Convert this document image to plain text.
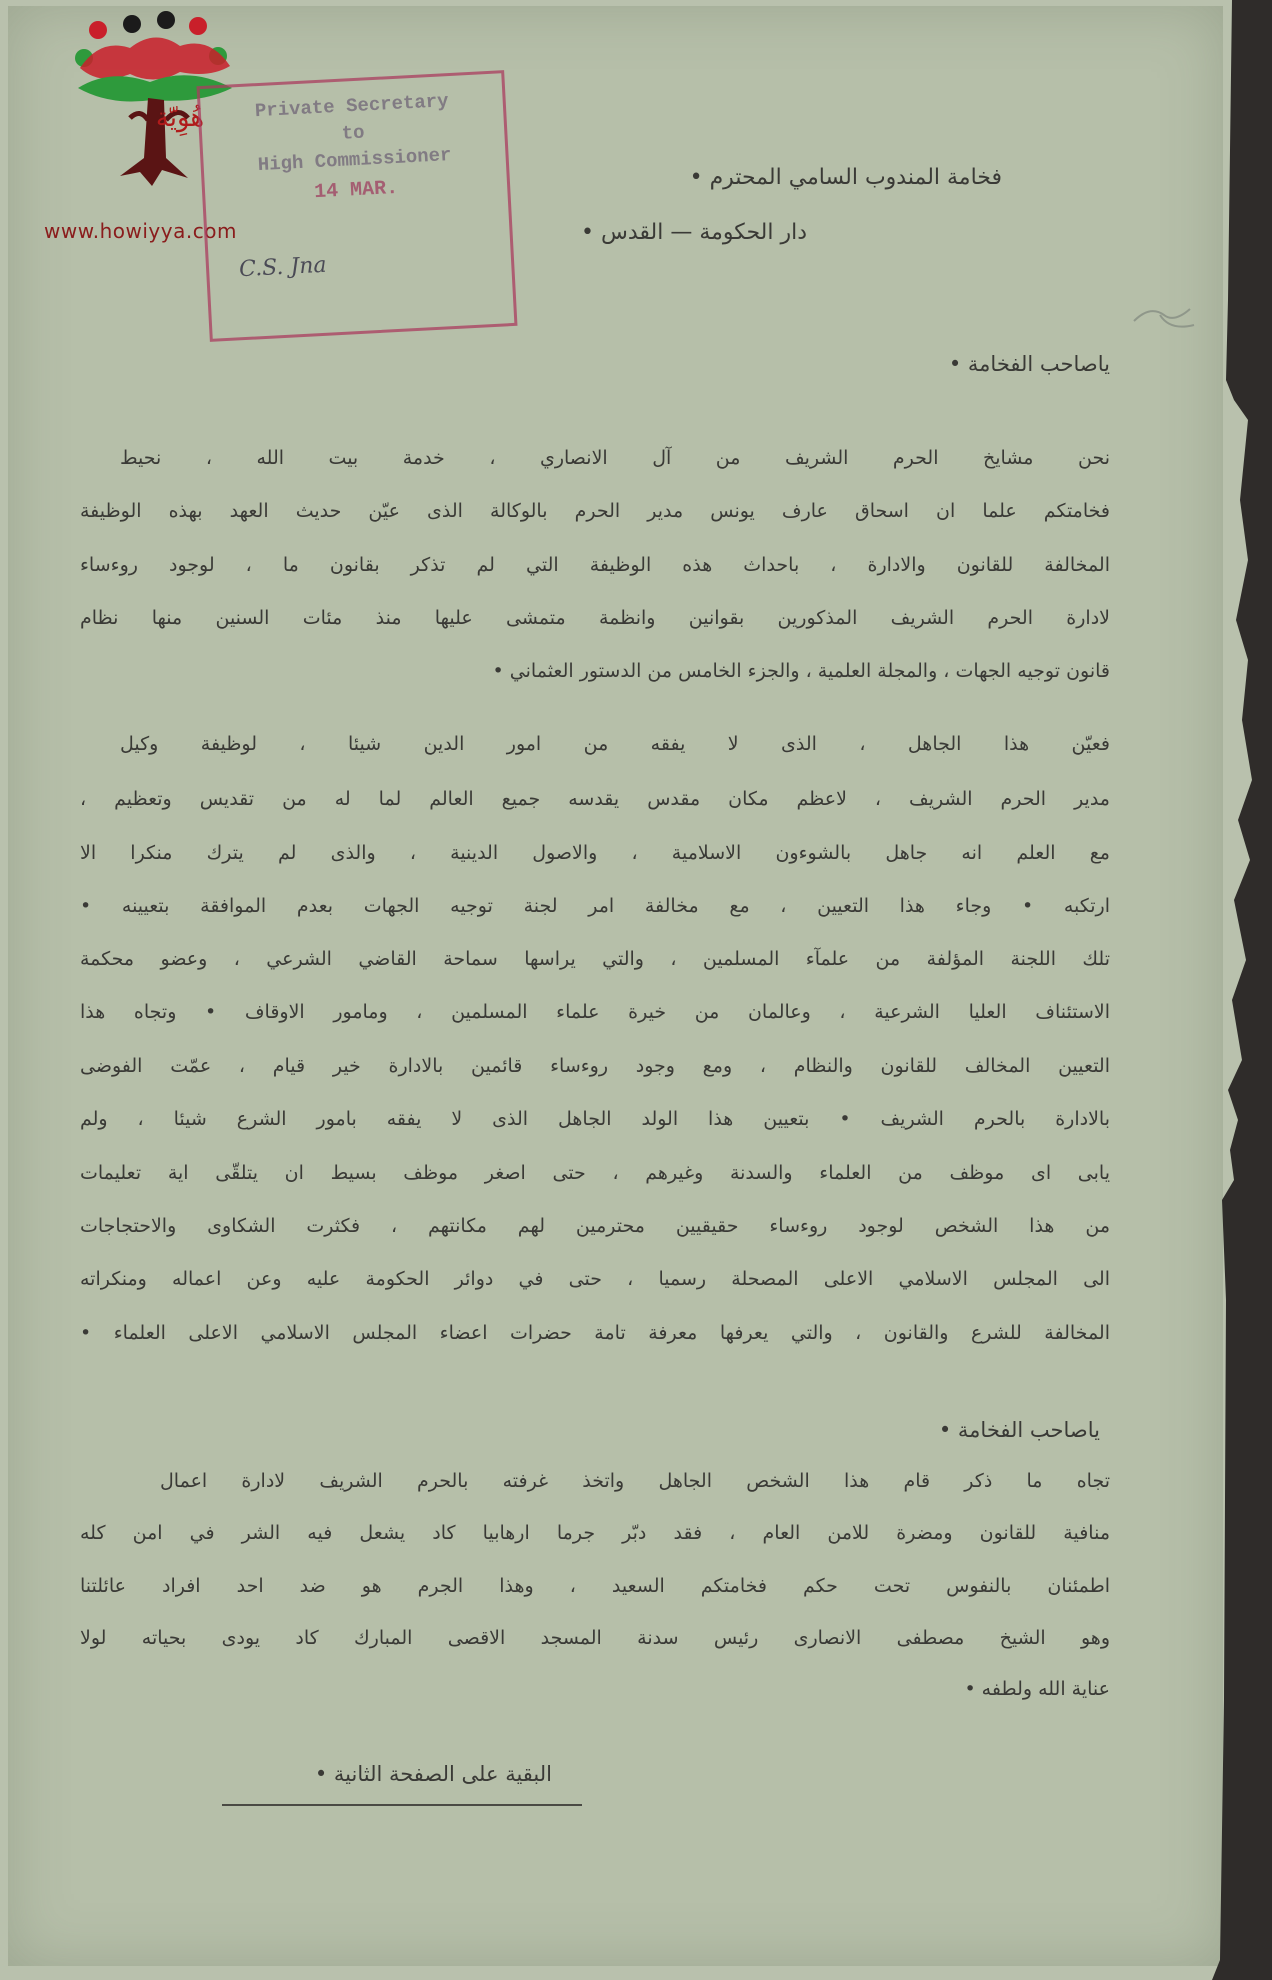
هُوِيّة
www.howiyya.com
Private Secretary
to
High Commissioner
14 MAR.
C.S. Jna
فخامة المندوب السامي المحترم •
دار الحكومة — القدس •
ياصاحب الفخامة •
نحن مشايخ الحرم الشريف من آل الانصاري ، خدمة بيت الله ، نحيط
فخامتكم علما ان اسحاق عارف يونس مدير الحرم بالوكالة الذى عيّن حديث العهد بهذه الوظيفة
المخالفة للقانون والادارة ، باحداث هذه الوظيفة التي لم تذكر بقانون ما ، لوجود روءساء
لادارة الحرم الشريف المذكورين بقوانين وانظمة متمشى عليها منذ مئات السنين منها نظام
قانون توجيه الجهات ، والمجلة العلمية ، والجزء الخامس من الدستور العثماني •
فعيّن هذا الجاهل ، الذى لا يفقه من امور الدين شيئا ، لوظيفة وكيل
مدير الحرم الشريف ، لاعظم مكان مقدس يقدسه جميع العالم لما له من تقديس وتعظيم ،
مع العلم انه جاهل بالشوءون الاسلامية ، والاصول الدينية ، والذى لم يترك منكرا الا
ارتكبه • وجاء هذا التعيين ، مع مخالفة امر لجنة توجيه الجهات بعدم الموافقة بتعيينه •
تلك اللجنة المؤلفة من علمآء المسلمين ، والتي يراسها سماحة القاضي الشرعي ، وعضو محكمة
الاستئناف العليا الشرعية ، وعالمان من خيرة علماء المسلمين ، ومامور الاوقاف • وتجاه هذا
التعيين المخالف للقانون والنظام ، ومع وجود روءساء قائمين بالادارة خير قيام ، عمّت الفوضى
بالادارة بالحرم الشريف • بتعيين هذا الولد الجاهل الذى لا يفقه بامور الشرع شيئا ، ولم
يابى اى موظف من العلماء والسدنة وغيرهم ، حتى اصغر موظف بسيط ان يتلقّى اية تعليمات
من هذا الشخص لوجود روءساء حقيقيين محترمين لهم مكانتهم ، فكثرت الشكاوى والاحتجاجات
الى المجلس الاسلامي الاعلى المصحلة رسميا ، حتى في دوائر الحكومة عليه وعن اعماله ومنكراته
المخالفة للشرع والقانون ، والتي يعرفها معرفة تامة حضرات اعضاء المجلس الاسلامي الاعلى العلماء •
ياصاحب الفخامة •
تجاه ما ذكر قام هذا الشخص الجاهل واتخذ غرفته بالحرم الشريف لادارة اعمال
منافية للقانون ومضرة للامن العام ، فقد دبّر جرما ارهابيا كاد يشعل فيه الشر في امن كله
اطمئنان بالنفوس تحت حكم فخامتكم السعيد ، وهذا الجرم هو ضد احد افراد عائلتنا
وهو الشيخ مصطفى الانصارى رئيس سدنة المسجد الاقصى المبارك كاد يودى بحياته لولا
عناية الله ولطفه •
البقية على الصفحة الثانية •
